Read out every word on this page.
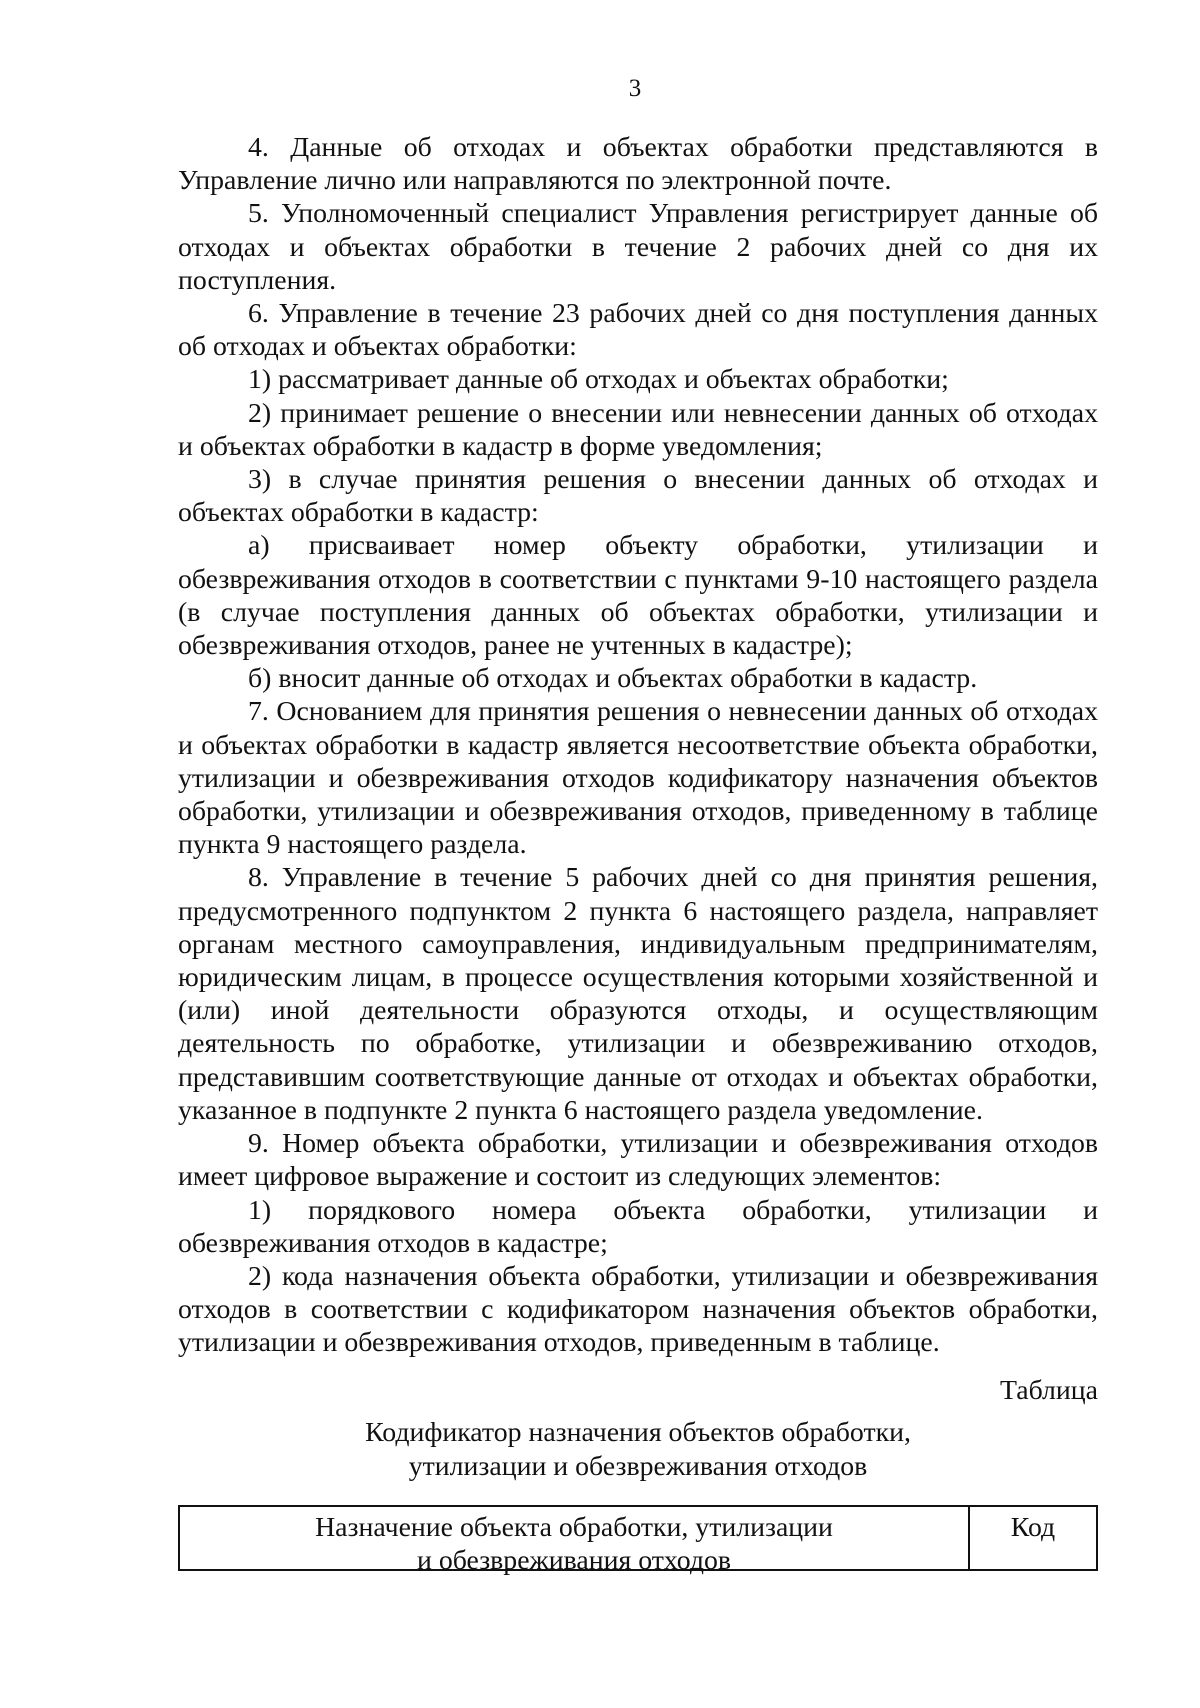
3

4. Данные об отходах и объектах обработки представляются в Управление лично или направляются по электронной почте.

5. Уполномоченный специалист Управления регистрирует данные об отходах и объектах обработки в течение 2 рабочих дней со дня их поступления.

6. Управление в течение 23 рабочих дней со дня поступления данных об отходах и объектах обработки:

1) рассматривает данные об отходах и объектах обработки;

2) принимает решение о внесении или невнесении данных об отходах и объектах обработки в кадастр в форме уведомления;

3) в случае принятия решения о внесении данных об отходах и объектах обработки в кадастр:

а) присваивает номер объекту обработки, утилизации и обезвреживания отходов в соответствии с пунктами 9-10 настоящего раздела (в случае поступления данных об объектах обработки, утилизации и обезвреживания отходов, ранее не учтенных в кадастре);

б) вносит данные об отходах и объектах обработки в кадастр.

7. Основанием для принятия решения о невнесении данных об отходах и объектах обработки в кадастр является несоответствие объекта обработки, утилизации и обезвреживания отходов кодификатору назначения объектов обработки, утилизации и обезвреживания отходов, приведенному в таблице пункта 9 настоящего раздела.

8. Управление в течение 5 рабочих дней со дня принятия решения, предусмотренного подпунктом 2 пункта 6 настоящего раздела, направляет органам местного самоуправления, индивидуальным предпринимателям, юридическим лицам, в процессе осуществления которыми хозяйственной и (или) иной деятельности образуются отходы, и осуществляющим деятельность по обработке, утилизации и обезвреживанию отходов, представившим соответствующие данные от отходах и объектах обработки, указанное в подпункте 2 пункта 6 настоящего раздела уведомление.

9. Номер объекта обработки, утилизации и обезвреживания отходов имеет цифровое выражение и состоит из следующих элементов:

1) порядкового номера объекта обработки, утилизации и обезвреживания отходов в кадастре;

2) кода назначения объекта обработки, утилизации и обезвреживания отходов в соответствии с кодификатором назначения объектов обработки, утилизации и обезвреживания отходов, приведенным в таблице.

Таблица
Кодификатор назначения объектов обработки,
утилизации и обезвреживания отходов
Назначение объекта обработки, утилизации
и обезвреживания отходов
Код
